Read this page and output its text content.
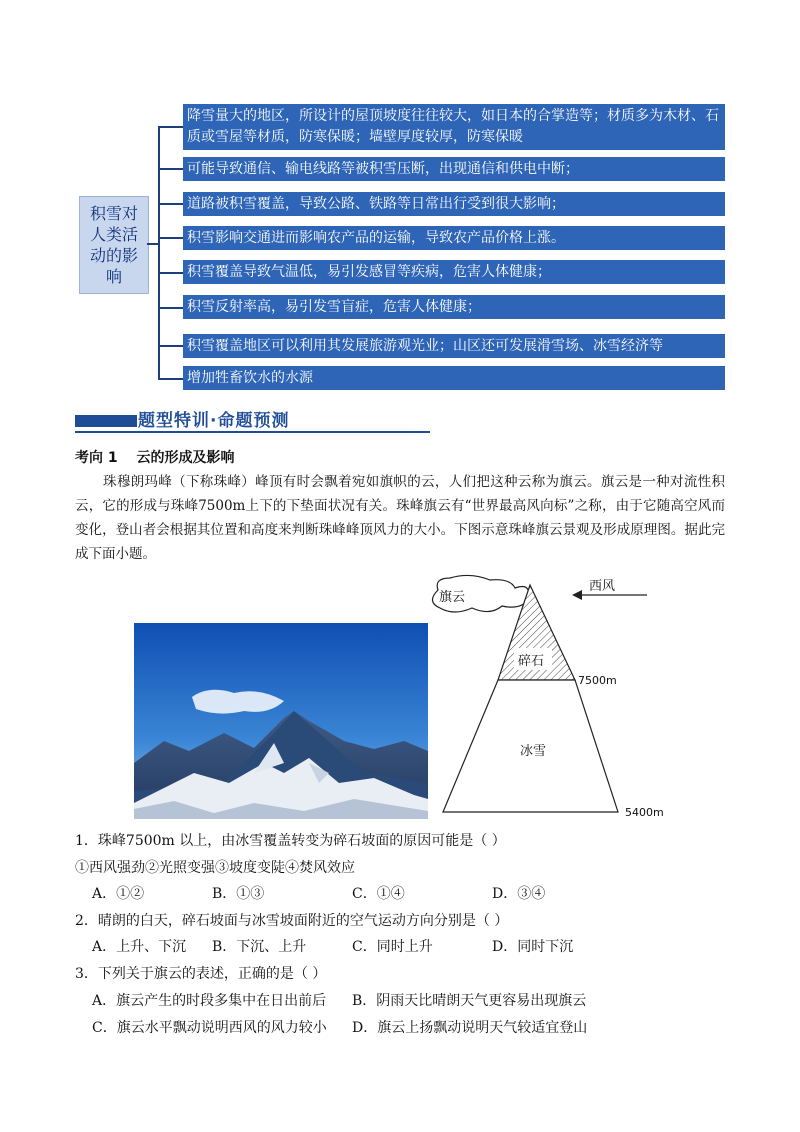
积雪对人类活动的影响
降雪量大的地区，所设计的屋顶坡度往往较大，如日本的合掌造等；材质多为木材、石质或雪屋等材质，防寒保暖；墙壁厚度较厚，防寒保暖
可能导致通信、输电线路等被积雪压断，出现通信和供电中断；
道路被积雪覆盖，导致公路、铁路等日常出行受到很大影响；
积雪影响交通进而影响农产品的运输，导致农产品价格上涨。
积雪覆盖导致气温低，易引发感冒等疾病，危害人体健康；
积雪反射率高，易引发雪盲症，危害人体健康；
积雪覆盖地区可以利用其发展旅游观光业；山区还可发展滑雪场、冰雪经济等
增加牲畜饮水的水源
题型特训·命题预测
考向 1　 云的形成及影响
珠穆朗玛峰（下称珠峰）峰顶有时会飘着宛如旗帜的云，人们把这种云称为旗云。旗云是一种对流性积云，它的形成与珠峰7500m上下的下垫面状况有关。珠峰旗云有“世界最高风向标”之称，由于它随高空风而变化，登山者会根据其位置和高度来判断珠峰峰顶风力的大小。下图示意珠峰旗云景观及形成原理图。据此完成下面小题。
旗云
西风
碎石
冰雪
7500m
5400m
1．珠峰7500m 以上，由冰雪覆盖转变为碎石坡面的原因可能是（ ）
①西风强劲②光照变强③坡度变陡④焚风效应
A．①②	B．①③	C．①④	D．③④
2．晴朗的白天，碎石坡面与冰雪坡面附近的空气运动方向分别是（ ）
A．上升、下沉 B．下沉、上升	C．同时上升	D．同时下沉
3．下列关于旗云的表述，正确的是（ ）
A．旗云产生的时段多集中在日出前后 B．阴雨天比晴朗天气更容易出现旗云
C．旗云水平飘动说明西风的风力较小 D．旗云上扬飘动说明天气较适宜登山
